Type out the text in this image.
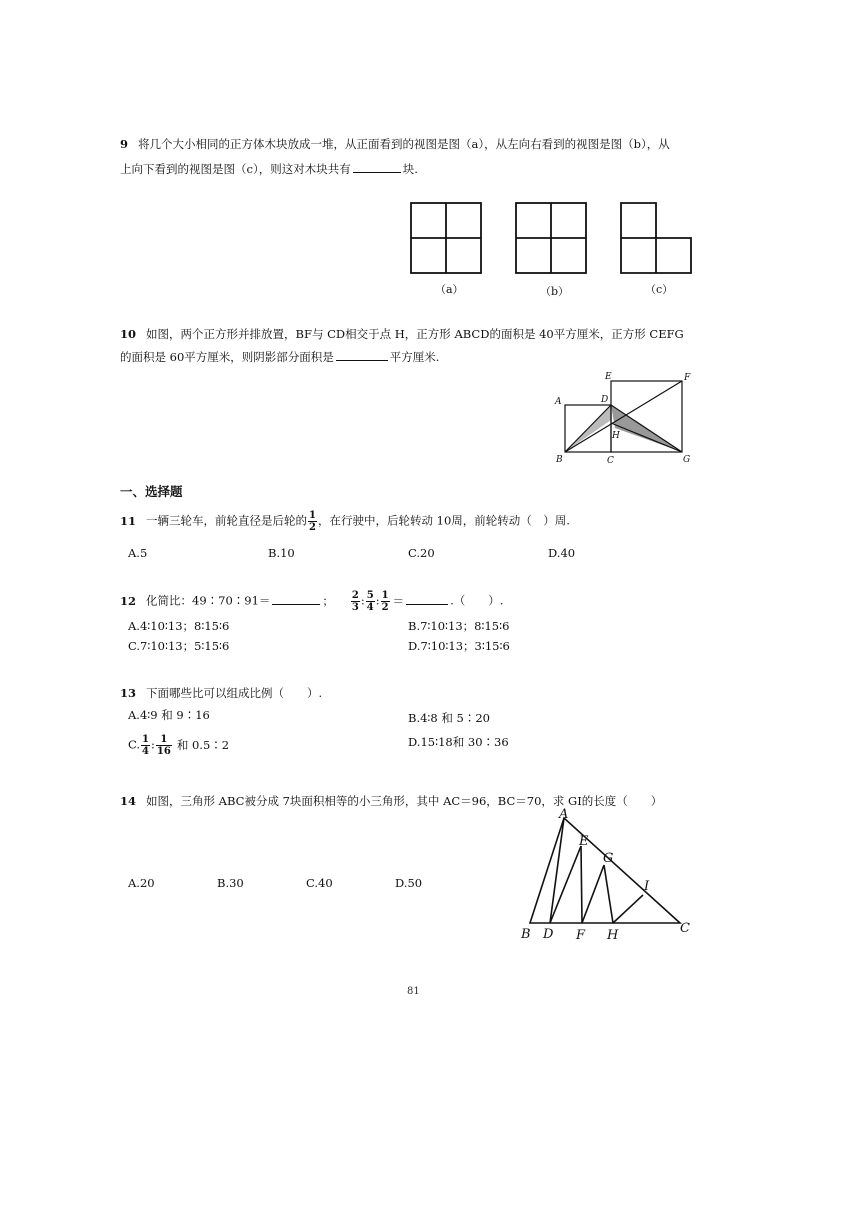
9 将几个大小相同的正方体木块放成一堆，从正面看到的视图是图（a），从左向右看到的视图是图（b），从
上向下看到的视图是图（c），则这对木块共有	块.
（a）	（b）	（c）
10 如图，两个正方形并排放置，BF与 CD相交于点 H，正方形 ABCD的面积是 40平方厘米，正方形 CEFG
的面积是 60平方厘米，则阴影部分面积是	平方厘米.
A
B	C
D
E	F
G
H
一、选择题
11 一辆三轮车，前轮直径是后轮的 $\frac{1}{2}$ ，在行驶中，后轮转动 10周，前轮转动（　）周.
A.5	B.10	C.20	D.40
12 化简比：49∶70∶91＝	； $\frac{2}{3}$ : $\frac{5}{4}$ : $\frac{1}{2}$ ＝	.（　　）.
A.4∶10∶13；8∶15∶6	B.7∶10∶13；8∶15∶6
C.7∶10∶13；5∶15∶6	D.7∶10∶13；3∶15∶6
13 下面哪些比可以组成比例（　　）.
A.4∶9 和 9∶16	B.4∶8 和 5∶20
C. $\frac{1}{4}$ : $\frac{1}{16}$ 和 0.5∶2	D.15∶18和 30∶36
14 如图，三角形 ABC被分成 7块面积相等的小三角形，其中 AC＝96，BC＝70，求 GI的长度（　　）
A.20	B.30	C.40	D.50
A
E
G
I
B D F H	C
81
